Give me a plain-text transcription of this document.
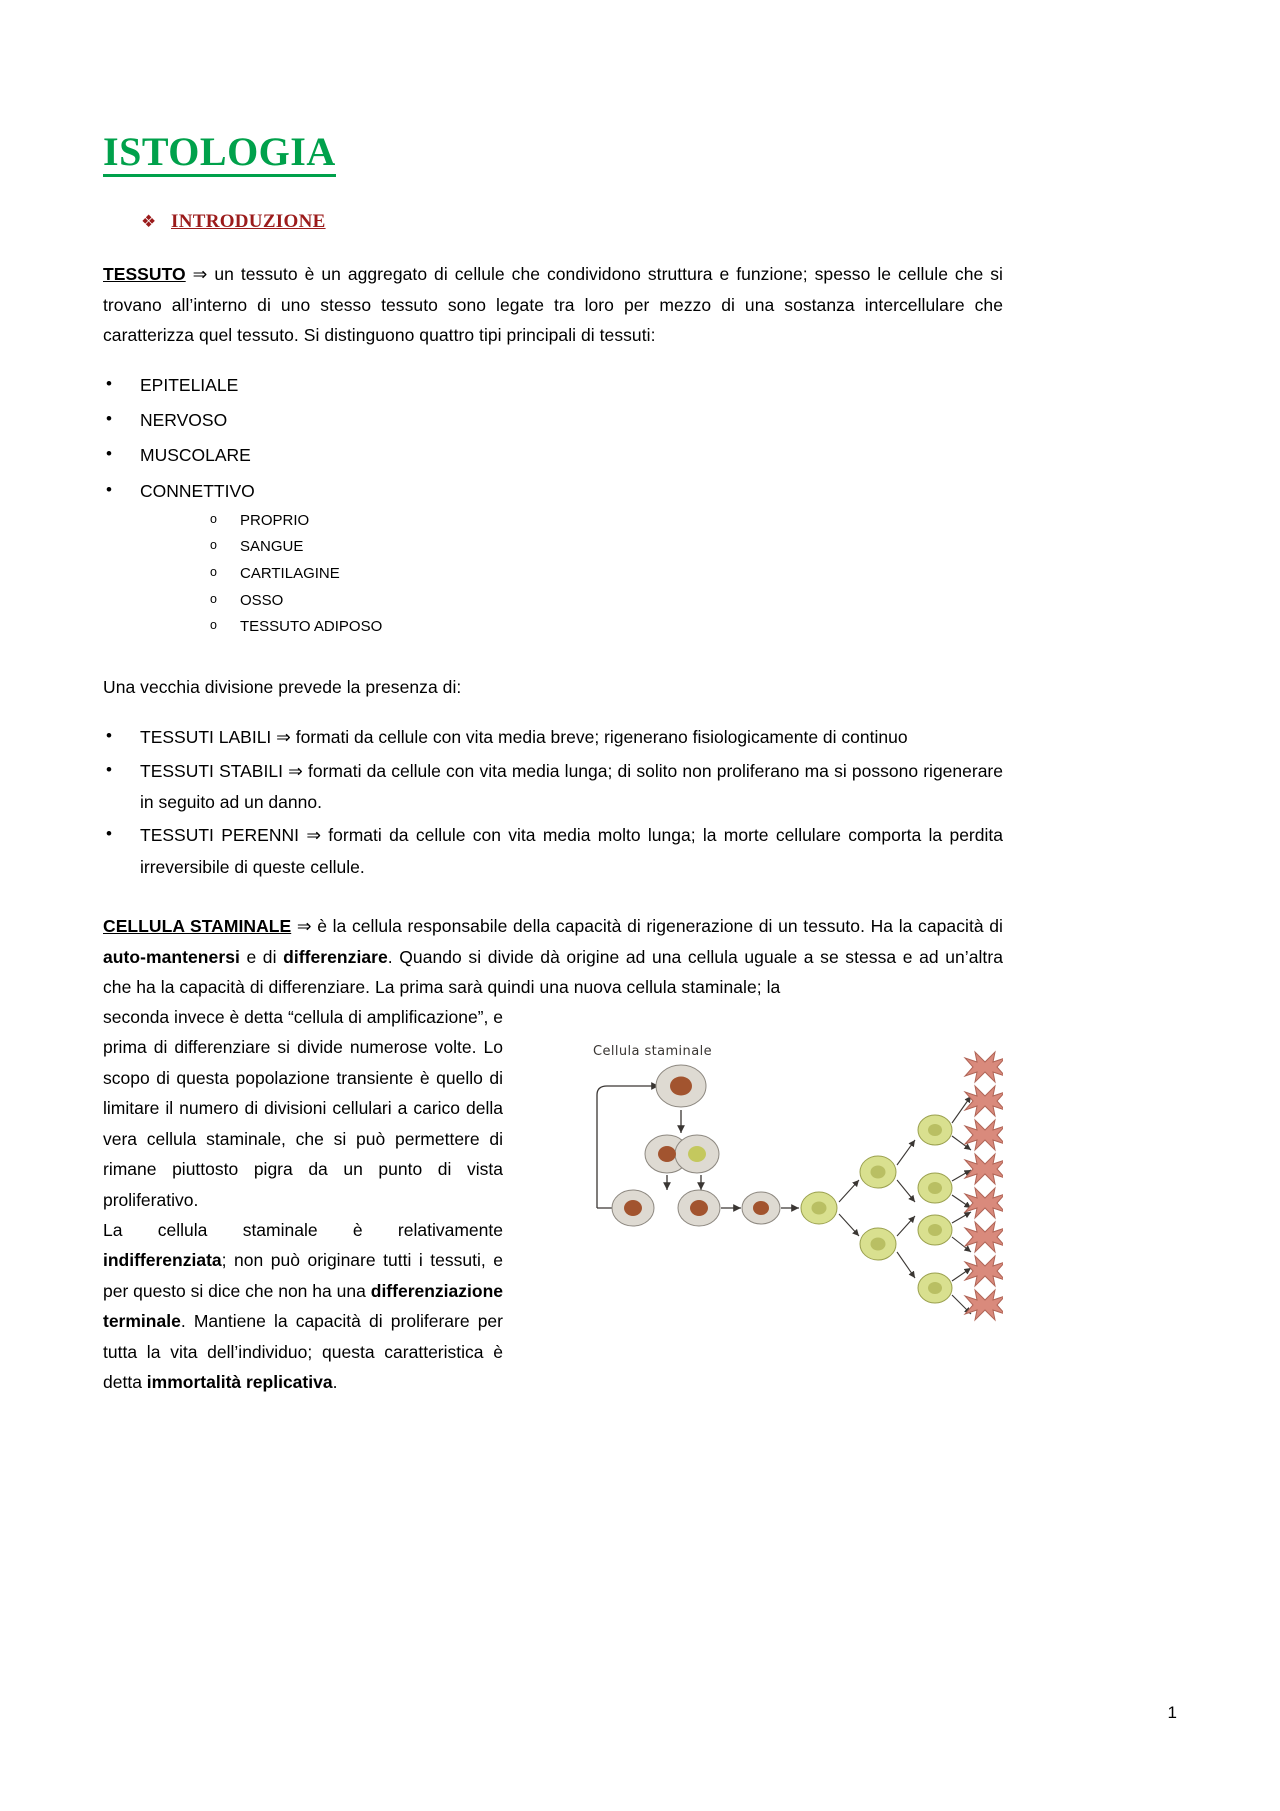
ISTOLOGIA
❖ INTRODUZIONE

TESSUTO ⇒ un tessuto è un aggregato di cellule che condividono struttura e funzione; spesso le cellule che si trovano all’interno di uno stesso tessuto sono legate tra loro per mezzo di una sostanza intercellulare che caratterizza quel tessuto. Si distinguono quattro tipi principali di tessuti:

• EPITELIALE
• NERVOSO
• MUSCOLARE
• CONNETTIVO
o PROPRIO
o SANGUE
o CARTILAGINE
o OSSO
o TESSUTO ADIPOSO

Una vecchia divisione prevede la presenza di:

• TESSUTI LABILI ⇒ formati da cellule con vita media breve; rigenerano fisiologicamente di continuo
• TESSUTI STABILI ⇒ formati da cellule con vita media lunga; di solito non proliferano ma si possono rigenerare in seguito ad un danno.
• TESSUTI PERENNI ⇒ formati da cellule con vita media molto lunga; la morte cellulare comporta la perdita irreversibile di queste cellule.

CELLULA STAMINALE ⇒ è la cellula responsabile della capacità di rigenerazione di un tessuto. Ha la capacità di auto-mantenersi e di differenziare. Quando si divide dà origine ad una cellula uguale a se stessa e ad un’altra che ha la capacità di differenziare. La prima sarà quindi una nuova cellula staminale; la

Cellula staminale
seconda invece è detta “cellula di amplificazione”, e prima di differenziare si divide numerose volte. Lo scopo di questa popolazione transiente è quello di limitare il numero di divisioni cellulari a carico della vera cellula staminale, che si può permettere di rimane piuttosto pigra da un punto di vista proliferativo.
La cellula staminale è relativamente indifferenziata; non può originare tutti i tessuti, e per questo si dice che non ha una differenziazione terminale. Mantiene la capacità di proliferare per tutta la vita dell’individuo; questa caratteristica è detta immortalità replicativa.
1
